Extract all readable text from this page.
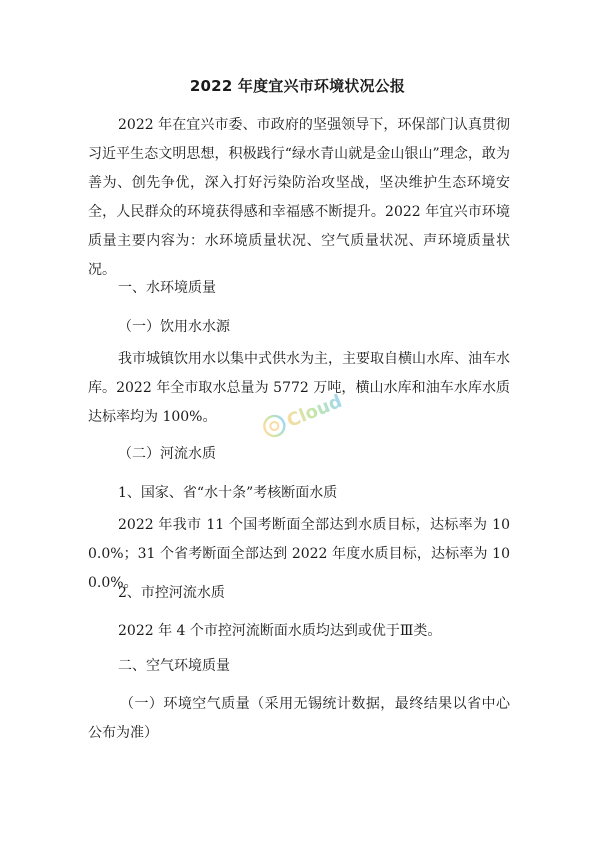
2022 年度宜兴市环境状况公报
2022 年在宜兴市委、市政府的坚强领导下，环保部门认真贯彻习近平生态文明思想，积极践行“绿水青山就是金山银山”理念，敢为善为、创先争优，深入打好污染防治攻坚战，坚决维护生态环境安全，人民群众的环境获得感和幸福感不断提升。2022 年宜兴市环境质量主要内容为：水环境质量状况、空气质量状况、声环境质量状况。
一、水环境质量
（一）饮用水水源
我市城镇饮用水以集中式供水为主，主要取自横山水库、油车水库。2022 年全市取水总量为 5772 万吨，横山水库和油车水库水质达标率均为 100%。
（二）河流水质
1、国家、省“水十条”考核断面水质
2022 年我市 11 个国考断面全部达到水质目标，达标率为 100.0%；31 个省考断面全部达到 2022 年度水质目标，达标率为 100.0%。
2、市控河流水质
2022 年 4 个市控河流断面水质均达到或优于Ⅲ类。
二、空气环境质量
（一）环境空气质量（采用无锡统计数据，最终结果以省中心公布为准）
Cloud
